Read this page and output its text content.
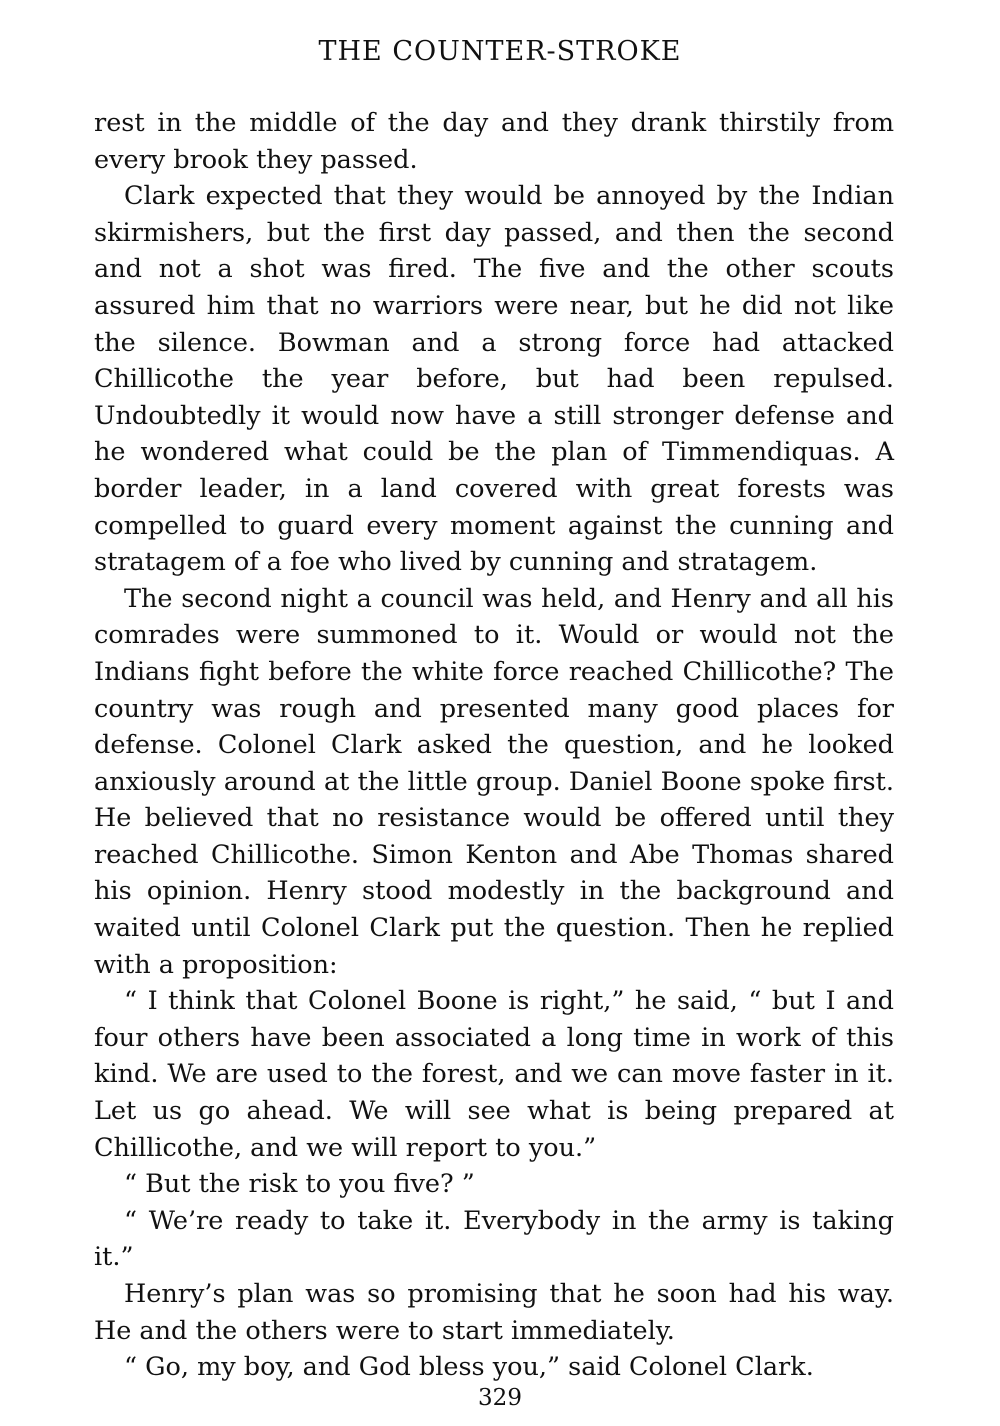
THE COUNTER-STROKE

rest in the middle of the day and they drank thirstily from every brook they passed.

Clark expected that they would be annoyed by the Indian skirmishers, but the first day passed, and then the second and not a shot was fired. The five and the other scouts assured him that no warriors were near, but he did not like the silence. Bowman and a strong force had attacked Chillicothe the year before, but had been repulsed. Undoubtedly it would now have a still stronger defense and he wondered what could be the plan of Timmendiquas. A border leader, in a land covered with great forests was compelled to guard every moment against the cunning and stratagem of a foe who lived by cunning and stratagem.

The second night a council was held, and Henry and all his comrades were summoned to it. Would or would not the Indians fight before the white force reached Chillicothe? The country was rough and presented many good places for defense. Colonel Clark asked the question, and he looked anxiously around at the little group. Daniel Boone spoke first. He believed that no resistance would be offered until they reached Chillicothe. Simon Kenton and Abe Thomas shared his opinion. Henry stood modestly in the background and waited until Colonel Clark put the question. Then he replied with a proposition:

“ I think that Colonel Boone is right,” he said, “ but I and four others have been associated a long time in work of this kind. We are used to the forest, and we can move faster in it. Let us go ahead. We will see what is being prepared at Chillicothe, and we will report to you.”

“ But the risk to you five? ”

“ We’re ready to take it. Everybody in the army is taking it.”

Henry’s plan was so promising that he soon had his way. He and the others were to start immediately.

“ Go, my boy, and God bless you,” said Colonel Clark.

329
